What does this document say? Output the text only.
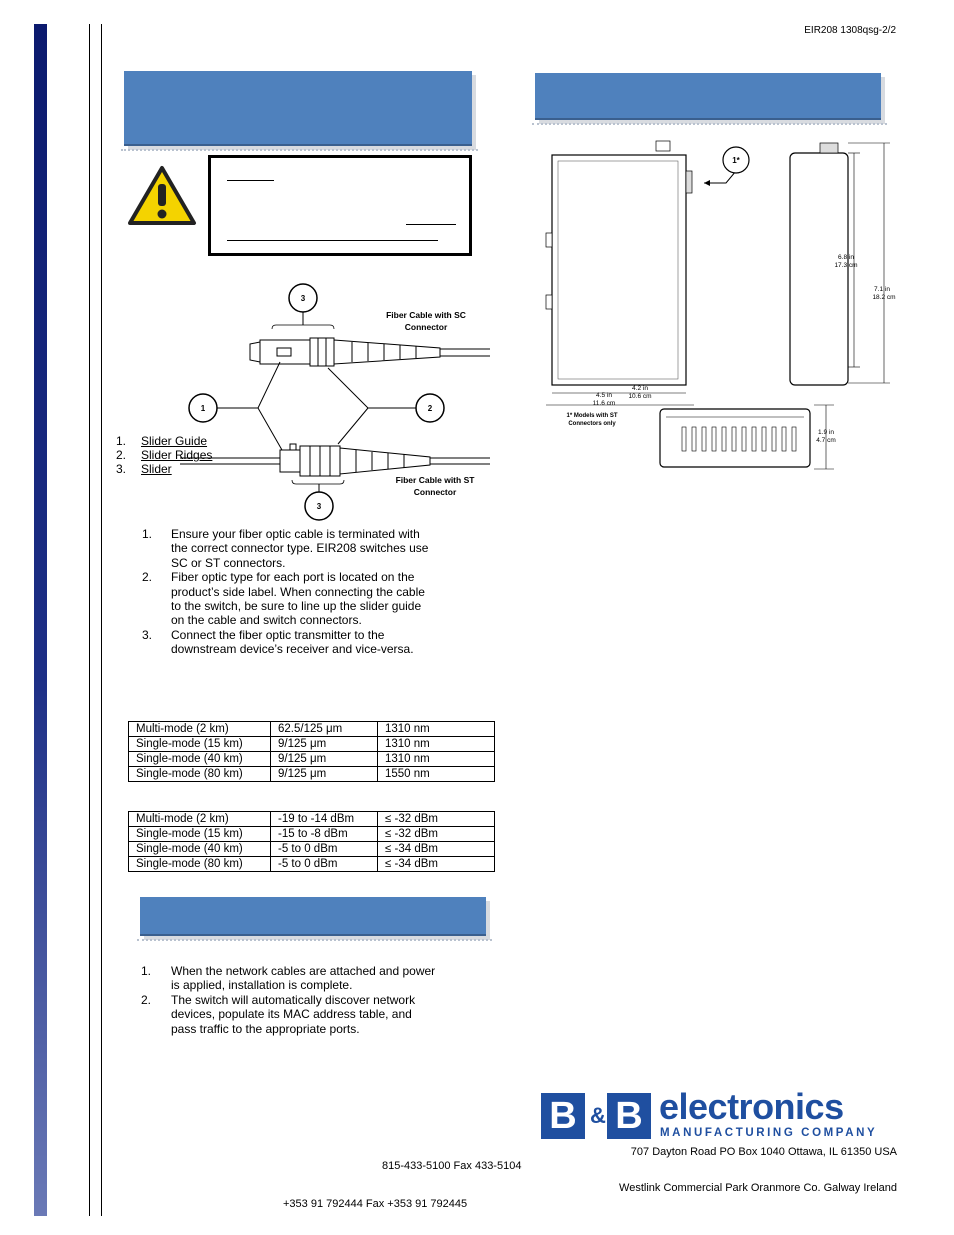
EIR208 1308qsg-2/2
3
1	2
3
Fiber Cable with SC
Connector
Fiber Cable with ST
Connector
1. Slider Guide
2. Slider Ridges
3. Slider
1. Ensure your fiber optic cable is terminated with
the correct connector type. EIR208 switches use
SC or ST connectors.
2. Fiber optic type for each port is located on the
product’s side label. When connecting the cable
to the switch, be sure to line up the slider guide
on the cable and switch connectors.
3. Connect the fiber optic transmitter to the
downstream device’s receiver and vice-versa.
Multi-mode (2 km)	62.5/125 μm	1310 nm
Single-mode (15 km)	9/125 μm	1310 nm
Single-mode (40 km)	9/125 μm	1310 nm
Single-mode (80 km)	9/125 μm	1550 nm
Multi-mode (2 km)	-19 to -14 dBm	≤ -32 dBm
Single-mode (15 km)	-15 to -8 dBm	≤ -32 dBm
Single-mode (40 km)	-5 to 0 dBm	≤ -34 dBm
Single-mode (80 km)	-5 to 0 dBm	≤ -34 dBm
1. When the network cables are attached and power
is applied, installation is complete.
2. The switch will automatically discover network
devices, populate its MAC address table, and
pass traffic to the appropriate ports.
1*
4.2 in
10.6 cm
4.5 in
11.6 cm
1* Models with ST
Connectors only
6.8 in
17.3 cm
7.1 in
18.2 cm
1.9 in
4.7 cm
B & B electronics
MANUFACTURING COMPANY
707 Dayton Road PO Box 1040 Ottawa, IL 61350 USA
815-433-5100 Fax 433-5104
Westlink Commercial Park Oranmore Co. Galway Ireland
+353 91 792444 Fax +353 91 792445
